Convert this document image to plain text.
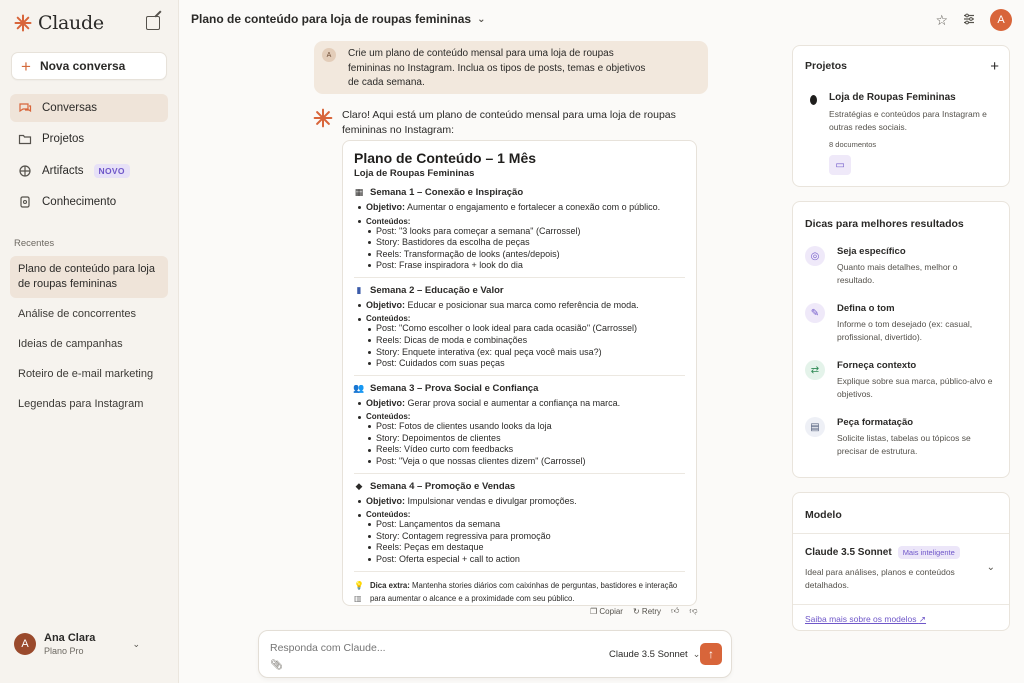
Claude
+ Nova conversa
Conversas
Projetos
Artifacts	NOVO
Conhecimento
Recentes
Plano de conteúdo para loja de roupas femininas
Análise de concorrentes
Ideias de campanhas
Roteiro de e-mail marketing
Legendas para Instagram
A	Ana Clara
Plano Pro
⌄
Plano de conteúdo para loja de roupas femininas ⌄	☆	A
A	Crie um plano de conteúdo mensal para uma loja de roupas femininas no Instagram. Inclua os tipos de posts, temas e objetivos de cada semana.
Claro! Aqui está um plano de conteúdo mensal para uma loja de roupas femininas no Instagram:
Plano de Conteúdo – 1 Mês
Loja de Roupas Femininas
▦ Semana 1 – Conexão e Inspiração
Objetivo: Aumentar o engajamento e fortalecer a conexão com o público.
Conteúdos:
Post: "3 looks para começar a semana" (Carrossel)
Story: Bastidores da escolha de peças
Reels: Transformação de looks (antes/depois)
Post: Frase inspiradora + look do dia
▮ Semana 2 – Educação e Valor
Objetivo: Educar e posicionar sua marca como referência de moda.
Conteúdos:
Post: "Como escolher o look ideal para cada ocasião" (Carrossel)
Reels: Dicas de moda e combinações
Story: Enquete interativa (ex: qual peça você mais usa?)
Post: Cuidados com suas peças
👥 Semana 3 – Prova Social e Confiança
Objetivo: Gerar prova social e aumentar a confiança na marca.
Conteúdos:
Post: Fotos de clientes usando looks da loja
Story: Depoimentos de clientes
Reels: Vídeo curto com feedbacks
Post: "Veja o que nossas clientes dizem" (Carrossel)
◆ Semana 4 – Promoção e Vendas
Objetivo: Impulsionar vendas e divulgar promoções.
Conteúdos:
Post: Lançamentos da semana
Story: Contagem regressiva para promoção
Reels: Peças em destaque
Post: Oferta especial + call to action
💡
▥
Dica extra: Mantenha stories diários com caixinhas de perguntas, bastidores e interação
para aumentar o alcance e a proximidade com seu público.
❐ Copiar ↻ Retry 👍︎ 👎︎
Responda com Claude...
📎︎
Claude 3.5 Sonnet ⌄ ↑
Projetos	+
Loja de Roupas Femininas
Estratégias e conteúdos para Instagram e outras redes sociais.
8 documentos
▭
Dicas para melhores resultados
◎	Seja específico
Quanto mais detalhes, melhor o resultado.
✎	Defina o tom
Informe o tom desejado (ex: casual, profissional, divertido).
⇄	Forneça contexto
Explique sobre sua marca, público-alvo e objetivos.
▤	Peça formatação
Solicite listas, tabelas ou tópicos se precisar de estrutura.
Modelo
Claude 3.5 Sonnet	Mais inteligente
Ideal para análises, planos e conteúdos detalhados.
⌄
Saiba mais sobre os modelos ↗
